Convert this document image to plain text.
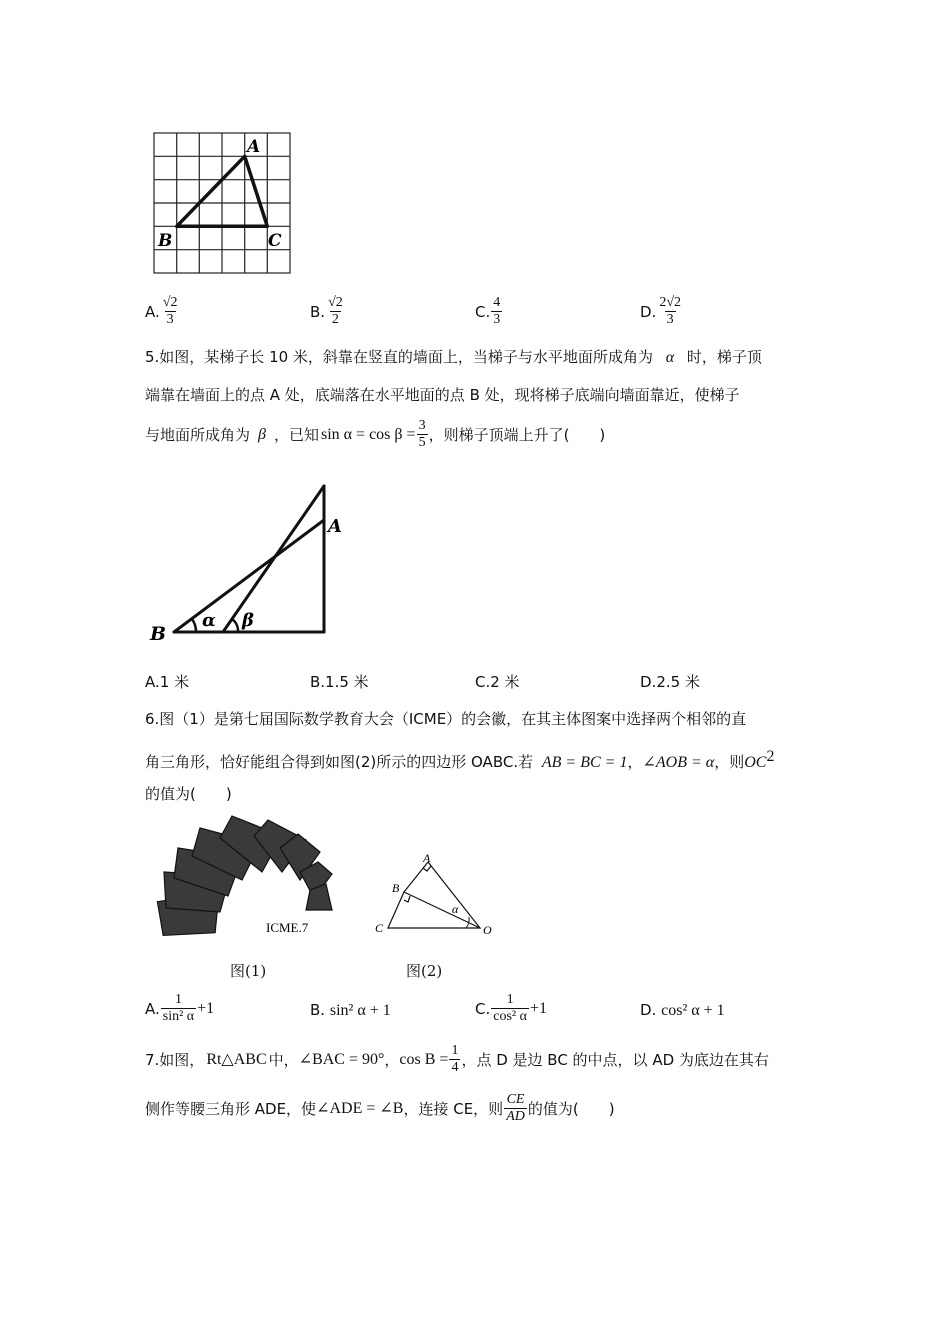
A
B	C
A. $\frac{√2}{3}$	B. $\frac{√2}{2}$	C. $\frac{4}{3}$	D. $\frac{2√2}{3}$
5.如图，某梯子长 10 米，斜靠在竖直的墙面上，当梯子与水平地面所成角为 α 时，梯子顶
端靠在墙面上的点 A 处，底端落在水平地面的点 B 处，现将梯子底端向墙面靠近，使梯子
与地面所成角为 β ，已知 $\sin \alpha = \cos \beta = \frac{3}{5}$ ，则梯子顶端上升了(　　)
A
B
α β
A.1 米	B.1.5 米	C.2 米	D.2.5 米
6.图（1）是第七届国际数学教育大会（ICME）的会徽，在其主体图案中选择两个相邻的直
角三角形，恰好能组合得到如图(2)所示的四边形 OABC.若 AB = BC = 1，∠AOB = α，则$OC^2$
的值为(　　)
ICME.7
图(1)
A
B
C	O
α
图(2)
A. $\frac{1}{\text{sin² α}} +1$	B. sin² α + 1	C. $\frac{1}{\text{cos² α}} +1$	D. cos² α + 1
7.如图， Rt△ABC 中， ∠BAC = 90° ， $\cos B = \frac{1}{4}$ ，点 D 是边 BC 的中点，以 AD 为底边在其右
侧作等腰三角形 ADE，使 ∠ADE = ∠B ，连接 CE，则 $\frac{CE}{AD}$ 的值为(　　)
